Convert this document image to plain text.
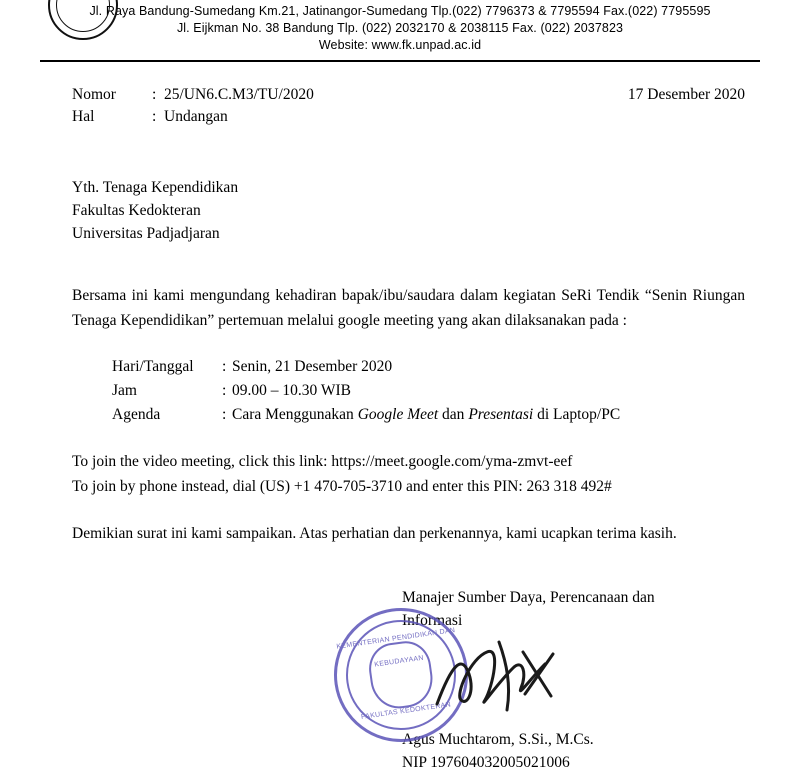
Jl. Raya Bandung-Sumedang Km.21, Jatinangor-Sumedang Tlp.(022) 7796373 & 7795594 Fax.(022) 7795595
Jl. Eijkman No. 38 Bandung Tlp. (022) 2032170 & 2038115 Fax. (022) 2037823
Website: www.fk.unpad.ac.id
Nomor	: 25/UN6.C.M3/TU/2020
Hal	: Undangan
17 Desember 2020
Yth. Tenaga Kependidikan
Fakultas Kedokteran
Universitas Padjadjaran
Bersama ini kami mengundang kehadiran bapak/ibu/saudara dalam kegiatan SeRi Tendik “Senin Riungan Tenaga Kependidikan” pertemuan melalui google meeting yang akan dilaksanakan pada :
Hari/Tanggal	: Senin, 21 Desember 2020
Jam	: 09.00 – 10.30 WIB
Agenda	: Cara Menggunakan Google Meet dan Presentasi di Laptop/PC
To join the video meeting, click this link: https://meet.google.com/yma-zmvt-eef
To join by phone instead, dial (US) +1 470-705-3710 and enter this PIN: 263 318 492#
Demikian surat ini kami sampaikan. Atas perhatian dan perkenannya, kami ucapkan terima kasih.
Manajer Sumber Daya, Perencanaan dan
Informasi
KEMENTERIAN PENDIDIKAN DAN KEBUDAYAAN
FAKULTAS KEDOKTERAN
Agus Muchtarom, S.Si., M.Cs.
NIP 197604032005021006
